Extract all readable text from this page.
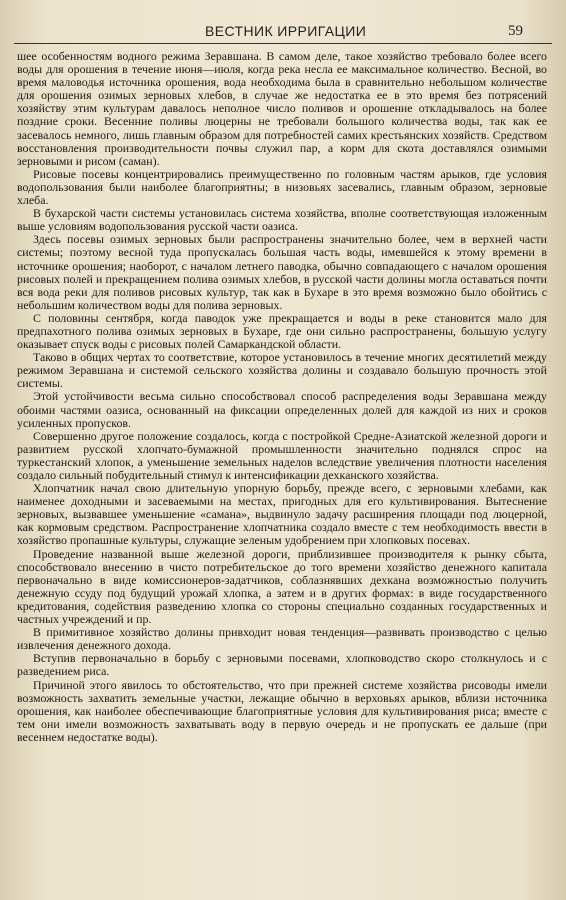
ВЕСТНИК ИРРИГАЦИИ	59

шее особенностям водного режима Зеравшана. В самом деле, такое хозяйство требовало более всего воды для орошения в течение июня—июля, когда река несла ее максимальное количество. Весной, во время маловодья источника орошения, вода необходима была в сравнительно небольшом количестве для орошения озимых зерновых хлебов, в случае же недостатка ее в это время без потрясений хозяйству этим культурам давалось неполное число поливов и орошение откладывалось на более поздние сроки. Весенние поливы люцерны не требовали большого количества воды, так как ее засевалось немного, лишь главным образом для потребностей самих крестьянских хозяйств. Средством восстановления производительности почвы служил пар, а корм для скота доставлялся озимыми зерновыми и рисом (саман).

Рисовые посевы концентрировались преимущественно по головным частям арыков, где условия водопользования были наиболее благоприятны; в низовьях засевались, главным образом, зерновые хлеба.

В бухарской части системы установилась система хозяйства, вполне соответствующая изложенным выше условиям водопользования русской части оазиса.

Здесь посевы озимых зерновых были распространены значительно более, чем в верхней части системы; поэтому весной туда пропускалась большая часть воды, имевшейся к этому времени в источнике орошения; наоборот, с началом летнего паводка, обычно совпадающего с началом орошения рисовых полей и прекращением полива озимых хлебов, в русской части долины могла оставаться почти вся вода реки для поливов рисовых культур, так как в Бухаре в это время возможно было обойтись с небольшим количеством воды для полива зерновых.

С половины сентября, когда паводок уже прекращается и воды в реке становится мало для предпахотного полива озимых зерновых в Бухаре, где они сильно распространены, большую услугу оказывает спуск воды с рисовых полей Самаркандской области.

Таково в общих чертах то соответствие, которое установилось в течение многих десятилетий между режимом Зеравшана и системой сельского хозяйства долины и создавало большую прочность этой системы.

Этой устойчивости весьма сильно способствовал способ распределения воды Зеравшана между обоими частями оазиса, основанный на фиксации определенных долей для каждой из них и сроков усиленных пропусков.

Совершенно другое положение создалось, когда с постройкой Средне-Азиатской железной дороги и развитием русской хлопчато-бумажной промышленности значительно поднялся спрос на туркестанский хлопок, а уменьшение земельных наделов вследствие увеличения плотности населения создало сильный побудительный стимул к интенсификации дехканского хозяйства.

Хлопчатник начал свою длительную упорную борьбу, прежде всего, с зерновыми хлебами, как наименее доходными и засеваемыми на местах, пригодных для его культивирования. Вытеснение зерновых, вызвавшее уменьшение «самана», выдвинуло задачу расширения площади под люцерной, как кормовым средством. Распространение хлопчатника создало вместе с тем необходимость ввести в хозяйство пропашные культуры, служащие зеленым удобрением при хлопковых посевах.

Проведение названной выше железной дороги, приблизившее производителя к рынку сбыта, способствовало внесению в чисто потребительское до того времени хозяйство денежного капитала первоначально в виде комиссионеров-задатчиков, соблазнявших дехкана возможностью получить денежную ссуду под будущий урожай хлопка, а затем и в других формах: в виде государственного кредитования, содействия разведению хлопка со стороны специально созданных государственных и частных учреждений и пр.

В примитивное хозяйство долины привходит новая тенденция—развивать производство с целью извлечения денежного дохода.

Вступив первоначально в борьбу с зерновыми посевами, хлопководство скоро столкнулось и с разведением риса.

Причиной этого явилось то обстоятельство, что при прежней системе хозяйства рисоводы имели возможность захватить земельные участки, лежащие обычно в верховьях арыков, вблизи источника орошения, как наиболее обеспечивающие благоприятные условия для культивирования риса; вместе с тем они имели возможность захватывать воду в первую очередь и не пропускать ее дальше (при весеннем недостатке воды).
